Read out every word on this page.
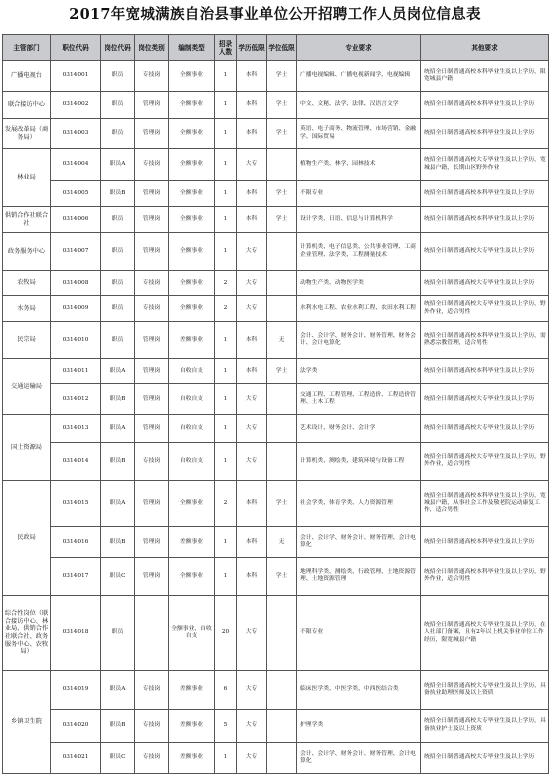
2017年宽城满族自治县事业单位公开招聘工作人员岗位信息表
主管部门	职位代码	岗位代码	岗位类别	编制类型	招录人数	学历低限	学位低限	专业要求	其他要求
广播电视台	0314001	职员	专技岗	全额事业	1	本科	学士	广播电视编辑、广播电视新闻学、电视编辑	统招全日制普通高校本科毕业生及以上学历，限宽城县户籍
联合接访中心	0314002	职员	管理岗	全额事业	1	本科	学士	中文、文秘、法学、法律、汉语言文学	统招全日制普通高校本科毕业生及以上学历
发展改革局（商务局）	0314003	职员	管理岗	全额事业	1	本科	学士	英语、电子商务、物流管理、市场营销、金融学、国际贸易	统招全日制普通高校本科毕业生及以上学历
林业局	0314004	职员A	专技岗	全额事业	1	大专		植物生产类、林学、园林技术	统招全日制普通高校大专毕业生及以上学历，宽城县户籍，长期山区野外作业
	0314005	职员B	管理岗	全额事业	1	本科	学士	不限专业	统招全日制普通高校本科毕业生及以上学历
供销合作社联合社	0314006	职员	管理岗	全额事业	1	本科	学士	设计学类、日语、信息与计算机科学	统招全日制普通高校本科毕业生及以上学历
政务服务中心	0314007	职员	管理岗	全额事业	1	大专		计算机类、电子信息类、公共事业管理、工商企业管理、法学类、工程测量技术	统招全日制普通高校大专毕业生及以上学历
农牧局	0314008	职员	专技岗	全额事业	2	大专		动物生产类、动物医学类	统招全日制普通高校大专毕业生及以上学历
水务局	0314009	职员	专技岗	全额事业	2	大专		水利水电工程、农业水利工程、农田水利工程	统招全日制普通高校大专毕业生及以上学历，野外作业，适合男性
民宗局	0314010	职员	管理岗	差额事业	1	本科	无	会计、会计学、财务会计、财务管理、财务会计、会计电算化	统招全日制普通高校本科毕业生及以上学历，需熟悉宗教管理，适合男性
交通运输局	0314011	职员A	管理岗	自收自支	1	本科	学士	法学类	统招全日制普通高校本科毕业生及以上学历
	0314012	职员B	管理岗	自收自支	1	大专		交通工程、工程管理、工程造价、工程造价管理、土木工程	统招全日制普通高校大专毕业生及以上学历
国土资源局	0314013	职员A	管理岗	自收自支	1	大专		艺术设计、财务会计、会计学	统招全日制普通高校大专毕业生及以上学历
	0314014	职员B	专技岗	自收自支	1	大专		计算机类、测绘类、建筑环境与设备工程	统招全日制普通高校大专毕业生及以上学历，野外作业，适合男性
民政局	0314015	职员A	管理岗	全额事业	2	本科	学士	社会学类、体育学类、人力资源管理	统招全日制普通高校本科毕业生及以上学历，宽城县户籍，从事社会工作及敬老院运动康复工作，适合男性
	0314016	职员B	管理岗	差额事业	1	本科	无	会计、会计学、财务会计、财务管理、会计电算化	统招全日制普通高校本科毕业生及以上学历
	0314017	职员C	管理岗	全额事业	1	本科	学士	地理科学类、测绘类、行政管理、土地资源管理、土地资源管理	统招全日制普通高校本科毕业生及以上学历，野外作业，适合男性
综合性岗位（联合接访中心、林业局、供销合作社联合社、政务服务中心、农牧局）	0314018	职员		全额事业、自收自支	20	大专		不限专业	统招全日制普通高校大专毕业生及以上学历，在人社部门备案，且有2年以上机关事业单位工作经历，限宽城县户籍
乡镇卫生院	0314019	职员A	专技岗	差额事业	6	大专		临床医学类、中医学类、中西医结合类	统招全日制普通高校大专毕业生及以上学历，具备执业助理医师及以上资质
	0314020	职员B	专技岗	差额事业	5	大专		护理学类	统招全日制普通高校大专毕业生及以上学历，具备执业护士及以上资质
	0314021	职员C	专技岗	差额事业	1	大专		会计、会计学、财务会计、财务管理、会计电算化	统招全日制普通高校大专毕业生及以上学历
